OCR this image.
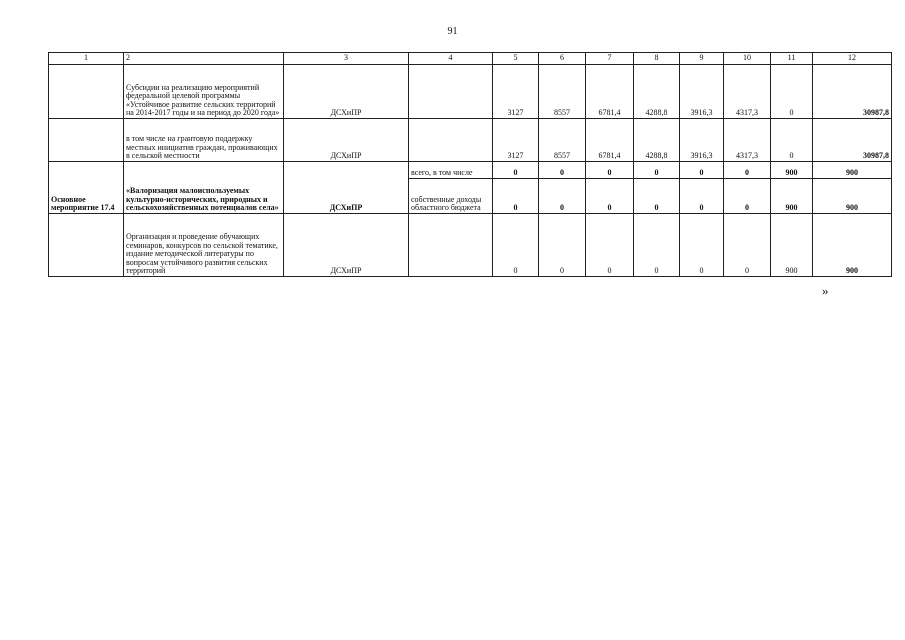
91
1	2	3	4	5	6	7	8	9	10	11	12
	Субсидии на реализацию мероприятий федеральной целевой программы «Устойчивое развитие сельских территорий на 2014-2017 годы и на период до 2020 года»	ДСХиПР		3127	8557	6781,4	4288,8	3916,3	4317,3	0	30987,8
	в том числе на грантовую поддержку местных инициатив граждан, проживающих в сельской местности	ДСХиПР		3127	8557	6781,4	4288,8	3916,3	4317,3	0	30987,8
Основное мероприятие 17.4	«Валоризация малоиспользуемых культурно-исторических, природных и сельскохозяйственных потенциалов села»	ДСХиПР	всего, в том числе	0	0	0	0	0	0	900	900
			собственные доходы областного бюджета	0	0	0	0	0	0	900	900
	Организация и проведение обучающих семинаров, конкурсов по сельской тематике, издание методической литературы по вопросам устойчивого развития сельских территорий	ДСХиПР		0	0	0	0	0	0	900	900
»
